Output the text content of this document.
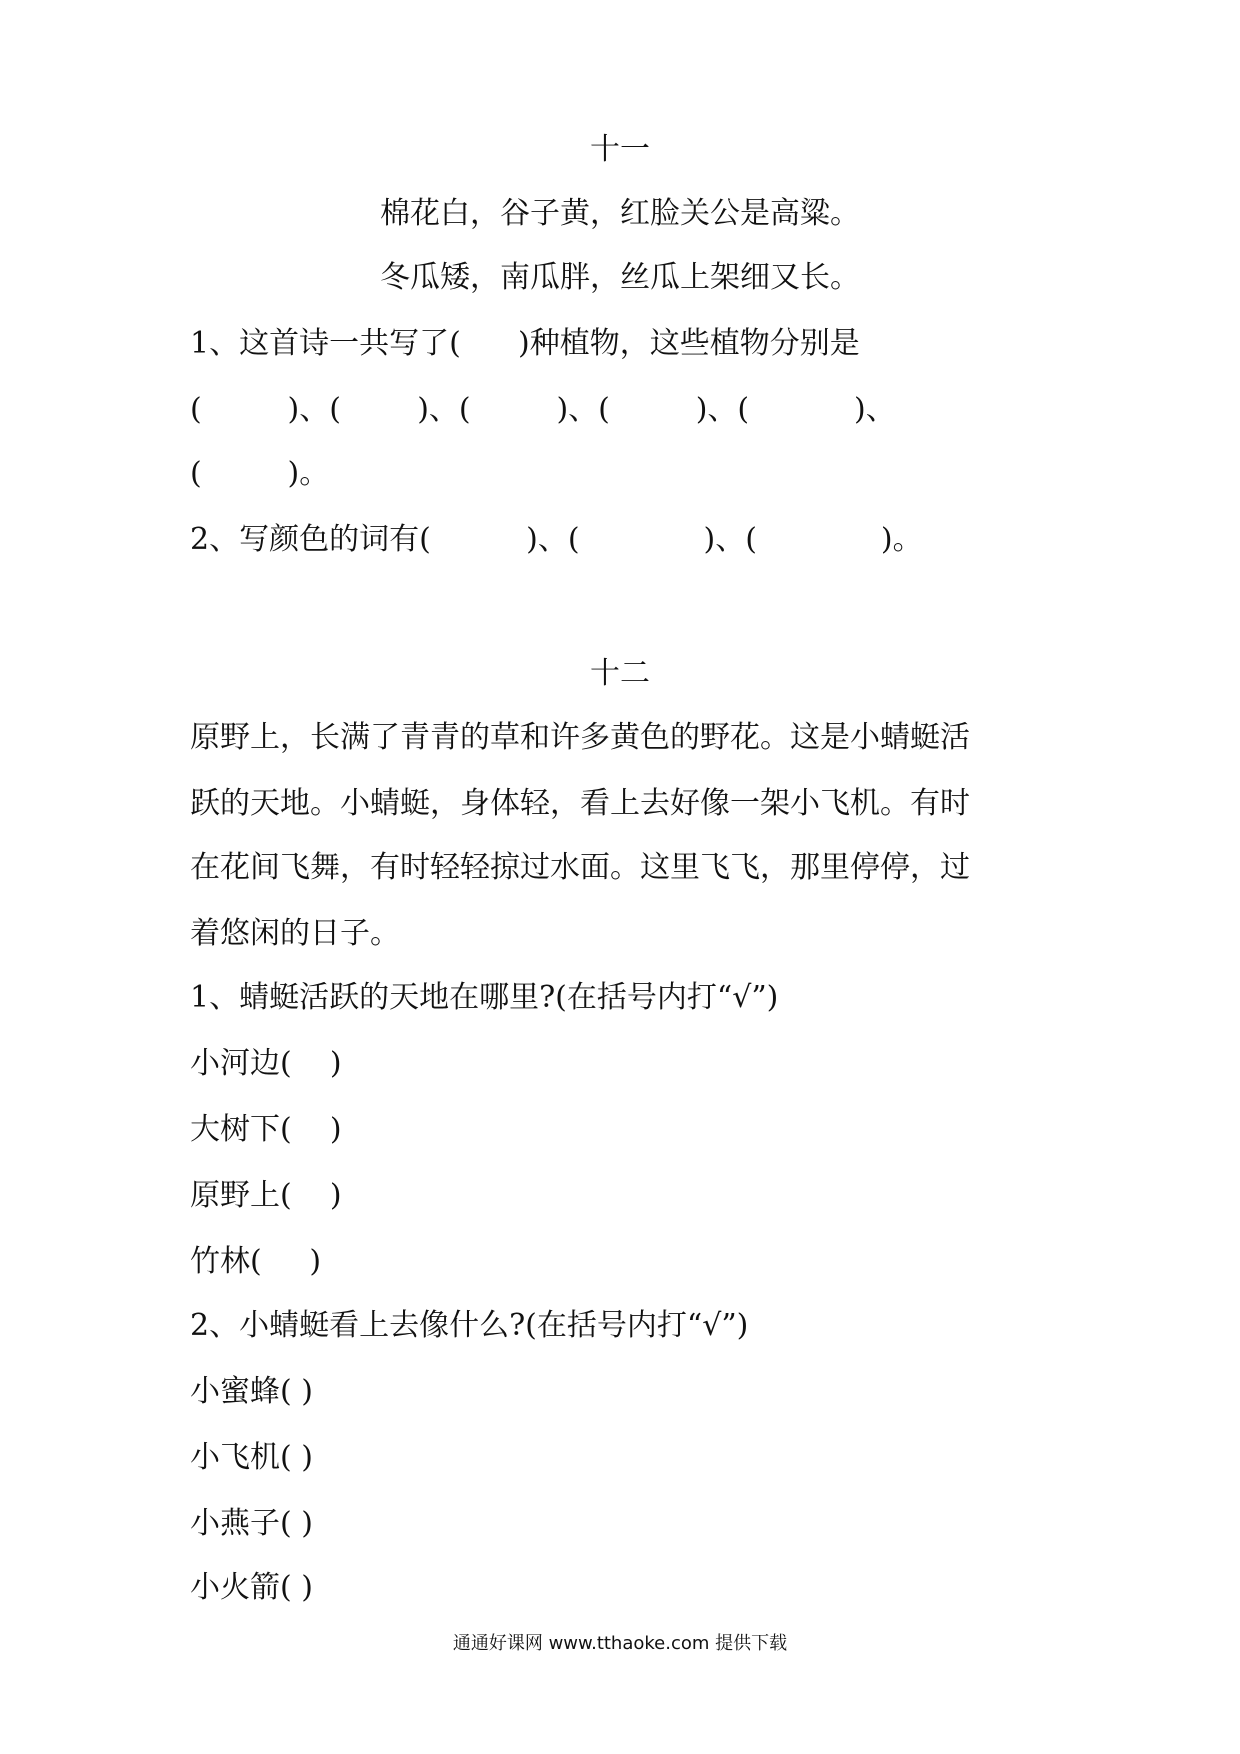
十一
棉花白，谷子黄，红脸关公是高粱。
冬瓜矮，南瓜胖，丝瓜上架细又长。
1、这首诗一共写了(      )种植物，这些植物分别是
(         )、(        )、(         )、(         )、(           )、
(         )。
2、写颜色的词有(          )、(             )、(             )。
十二
原野上，长满了青青的草和许多黄色的野花。这是小蜻蜓活
跃的天地。小蜻蜓，身体轻，看上去好像一架小飞机。有时
在花间飞舞，有时轻轻掠过水面。这里飞飞，那里停停，过
着悠闲的日子。
1、蜻蜓活跃的天地在哪里?(在括号内打“√”)
小河边(    )
大树下(    )
原野上(    )
竹林(     )
2、小蜻蜓看上去像什么?(在括号内打“√”)
小蜜蜂( )
小飞机( )
小燕子( )
小火箭( )
通通好课网 www.tthaoke.com 提供下载
